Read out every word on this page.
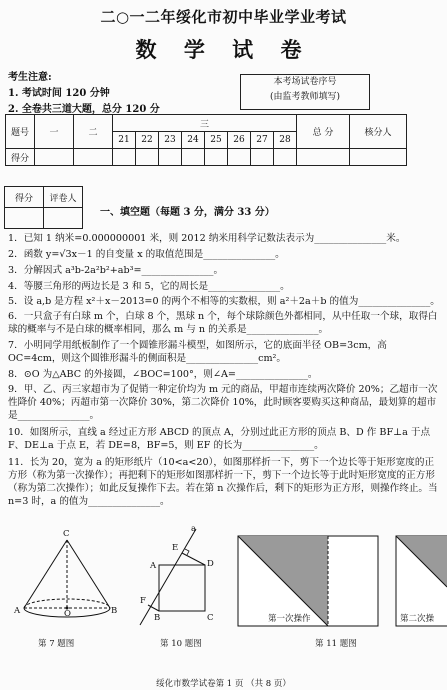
二○一二年绥化市初中毕业学业考试
数 学 试 卷
考生注意:
1. 考试时间 120 分钟
2. 全卷共三道大题，总分 120 分
本考场试卷序号
(由监考教师填写)
题号	一	二	三								总 分	核分人
			21	22	23	24	25	26	27	28		
得分												
得分	评卷人

一、填空题（每题 3 分，满分 33 分）
1．已知 1 纳米=0.000000001 米，则 2012 纳米用科学记数法表示为_______________米。
2．函数 y=√3x－1 的自变量 x 的取值范围是_______________。
3．分解因式 a³b-2a²b²+ab³=_______________。
4．等腰三角形的两边长是 3 和 5，它的周长是_______________。
5．设 a,b 是方程 x²＋x－2013=0 的两个不相等的实数根，则 a²＋2a＋b 的值为_______________。
6．一只盒子有白球 m 个，白球 8 个，黑球 n 个，每个球除颜色外都相同，从中任取一个球，取得白球的概率与不是白球的概率相同，那么 m 与 n 的关系是_______________。
7．小明同学用纸板制作了一个圆锥形漏斗模型，如图所示，它的底面半径 OB=3cm，高 OC=4cm，则这个圆锥形漏斗的侧面积是_______________cm²。
8．⊙O 为△ABC 的外接圆，∠BOC=100°，则∠A=_______________。
9．甲、乙、丙三家超市为了促销一种定价均为 m 元的商品，甲超市连续两次降价 20%；乙超市一次性降价 40%；丙超市第一次降价 30%，第二次降价 10%，此时顾客要购买这种商品，最划算的超市是_______________。
10．如图所示，直线 a 经过正方形 ABCD 的顶点 A，分别过此正方形的顶点 B、D 作 BF⊥a 于点 F、DE⊥a 于点 E，若 DE=8，BF=5，则 EF 的长为_______________。
11．长为 20，宽为 a 的矩形纸片（10<a<20），如图那样折一下，剪下一个边长等于矩形宽度的正方形（称为第一次操作）；再把剩下的矩形如图那样折一下，剪下一个边长等于此时矩形宽度的正方形（称为第二次操作）；如此反复操作下去。若在第 n 次操作后，剩下的矩形为正方形，则操作终止。当 n=3 时，a 的值为_______________。
C
A	O	B
第 7 题图
a
E
D
A
F
B	C
第 10 题图
第一次操作	第二次操
第 11 题图
绥化市数学试卷第 1 页 （共 8 页）
